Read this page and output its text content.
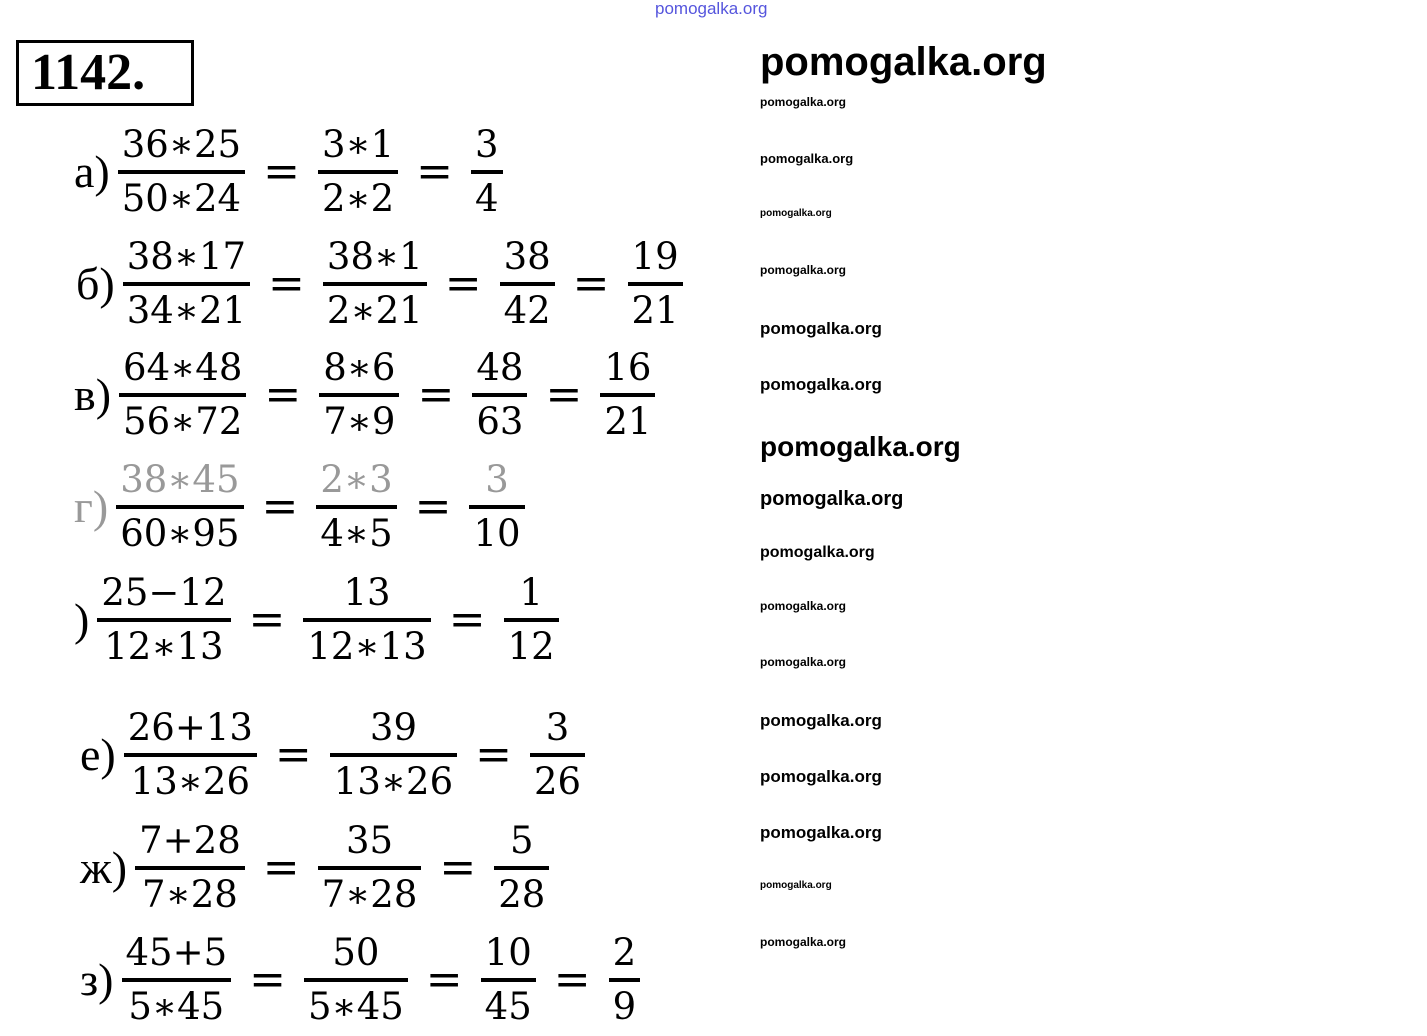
1142.
$а) \frac{36∗25}{50∗24} = \frac{3∗1}{2∗2} = \frac{3}{4}$
$б) \frac{38∗17}{34∗21} = \frac{38∗1}{2∗21} = \frac{38}{42} = \frac{19}{21}$
$в) \frac{64∗48}{56∗72} = \frac{8∗6}{7∗9} = \frac{48}{63} = \frac{16}{21}$
$г) \frac{38∗45}{60∗95} = \frac{2∗3}{4∗5} = \frac{3}{10}$
) $\frac{25-12}{12∗13} = \frac{13}{12∗13} = \frac{1}{12}$
$е) \frac{26+13}{13∗26} = \frac{39}{13∗26} = \frac{3}{26}$
$ж) \frac{7+28}{7∗28} = \frac{35}{7∗28} = \frac{5}{28}$
$з) \frac{45+5}{5∗45} = \frac{50}{5∗45} = \frac{10}{45} = \frac{2}{9}$
pomogalka.org
pomogalka.org
pomogalka.org
pomogalka.org
pomogalka.org
pomogalka.org
pomogalka.org
pomogalka.org
pomogalka.org
pomogalka.org
pomogalka.org
pomogalka.org
pomogalka.org
pomogalka.org
pomogalka.org
pomogalka.org
pomogalka.org
pomogalka.org
